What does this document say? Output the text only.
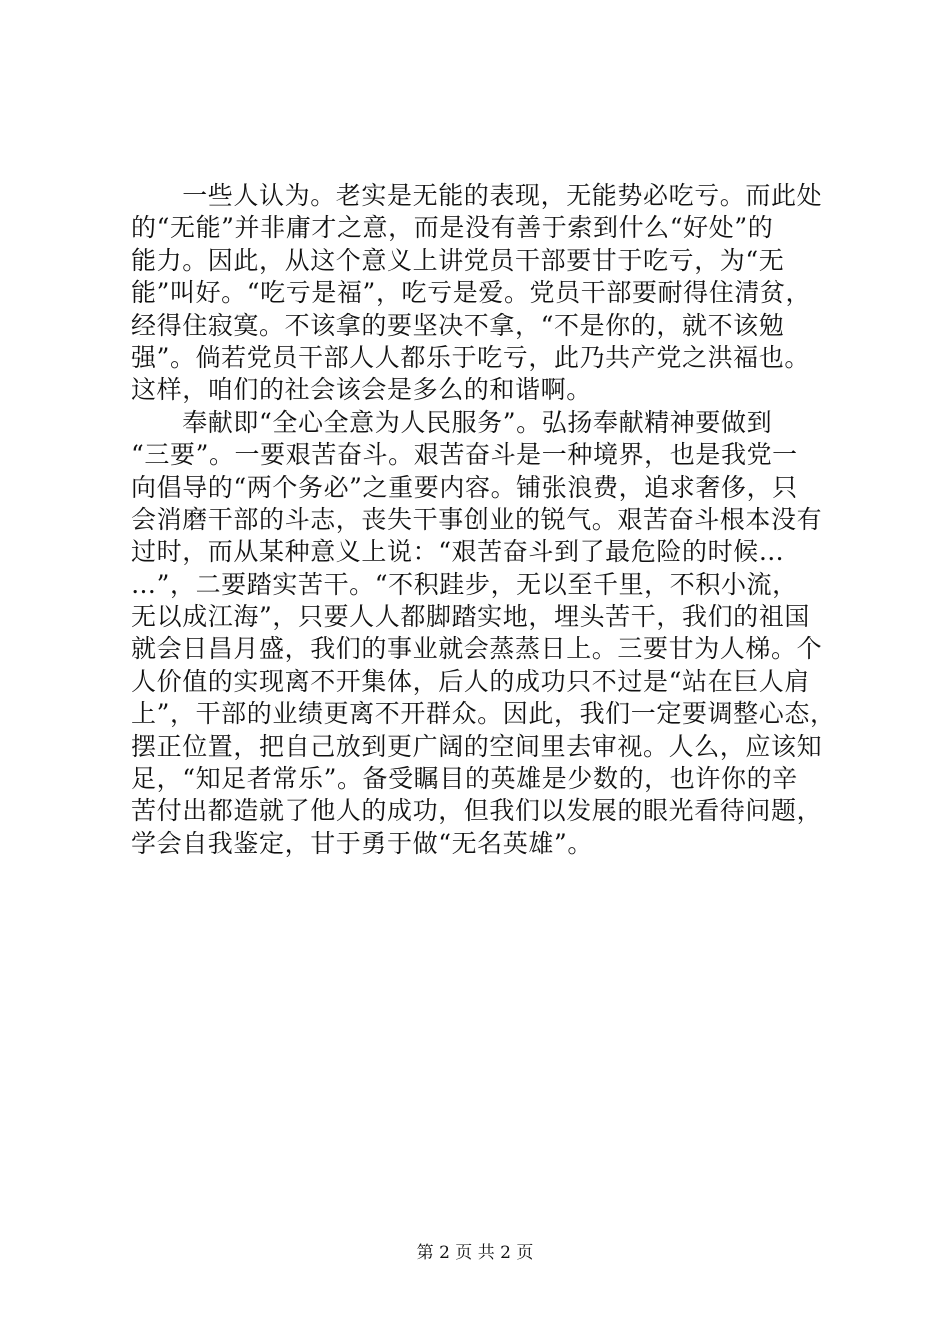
　　一些人认为。老实是无能的表现，无能势必吃亏。而此处
的“无能”并非庸才之意，而是没有善于索到什么“好处”的
能力。因此，从这个意义上讲党员干部要甘于吃亏，为“无
能”叫好。“吃亏是福”，吃亏是爱。党员干部要耐得住清贫，
经得住寂寞。不该拿的要坚决不拿，“不是你的，就不该勉
强”。倘若党员干部人人都乐于吃亏，此乃共产党之洪福也。
这样，咱们的社会该会是多么的和谐啊。
　　奉献即“全心全意为人民服务”。弘扬奉献精神要做到
“三要”。一要艰苦奋斗。艰苦奋斗是一种境界，也是我党一
向倡导的“两个务必”之重要内容。铺张浪费，追求奢侈，只
会消磨干部的斗志，丧失干事创业的锐气。艰苦奋斗根本没有
过时，而从某种意义上说：“艰苦奋斗到了最危险的时候…
…”，二要踏实苦干。“不积跬步，无以至千里，不积小流，
无以成江海”，只要人人都脚踏实地，埋头苦干，我们的祖国
就会日昌月盛，我们的事业就会蒸蒸日上。三要甘为人梯。个
人价值的实现离不开集体，后人的成功只不过是“站在巨人肩
上”，干部的业绩更离不开群众。因此，我们一定要调整心态，
摆正位置，把自己放到更广阔的空间里去审视。人么，应该知
足，“知足者常乐”。备受瞩目的英雄是少数的，也许你的辛
苦付出都造就了他人的成功，但我们以发展的眼光看待问题，
学会自我鉴定，甘于勇于做“无名英雄”。
第 2 页 共 2 页
